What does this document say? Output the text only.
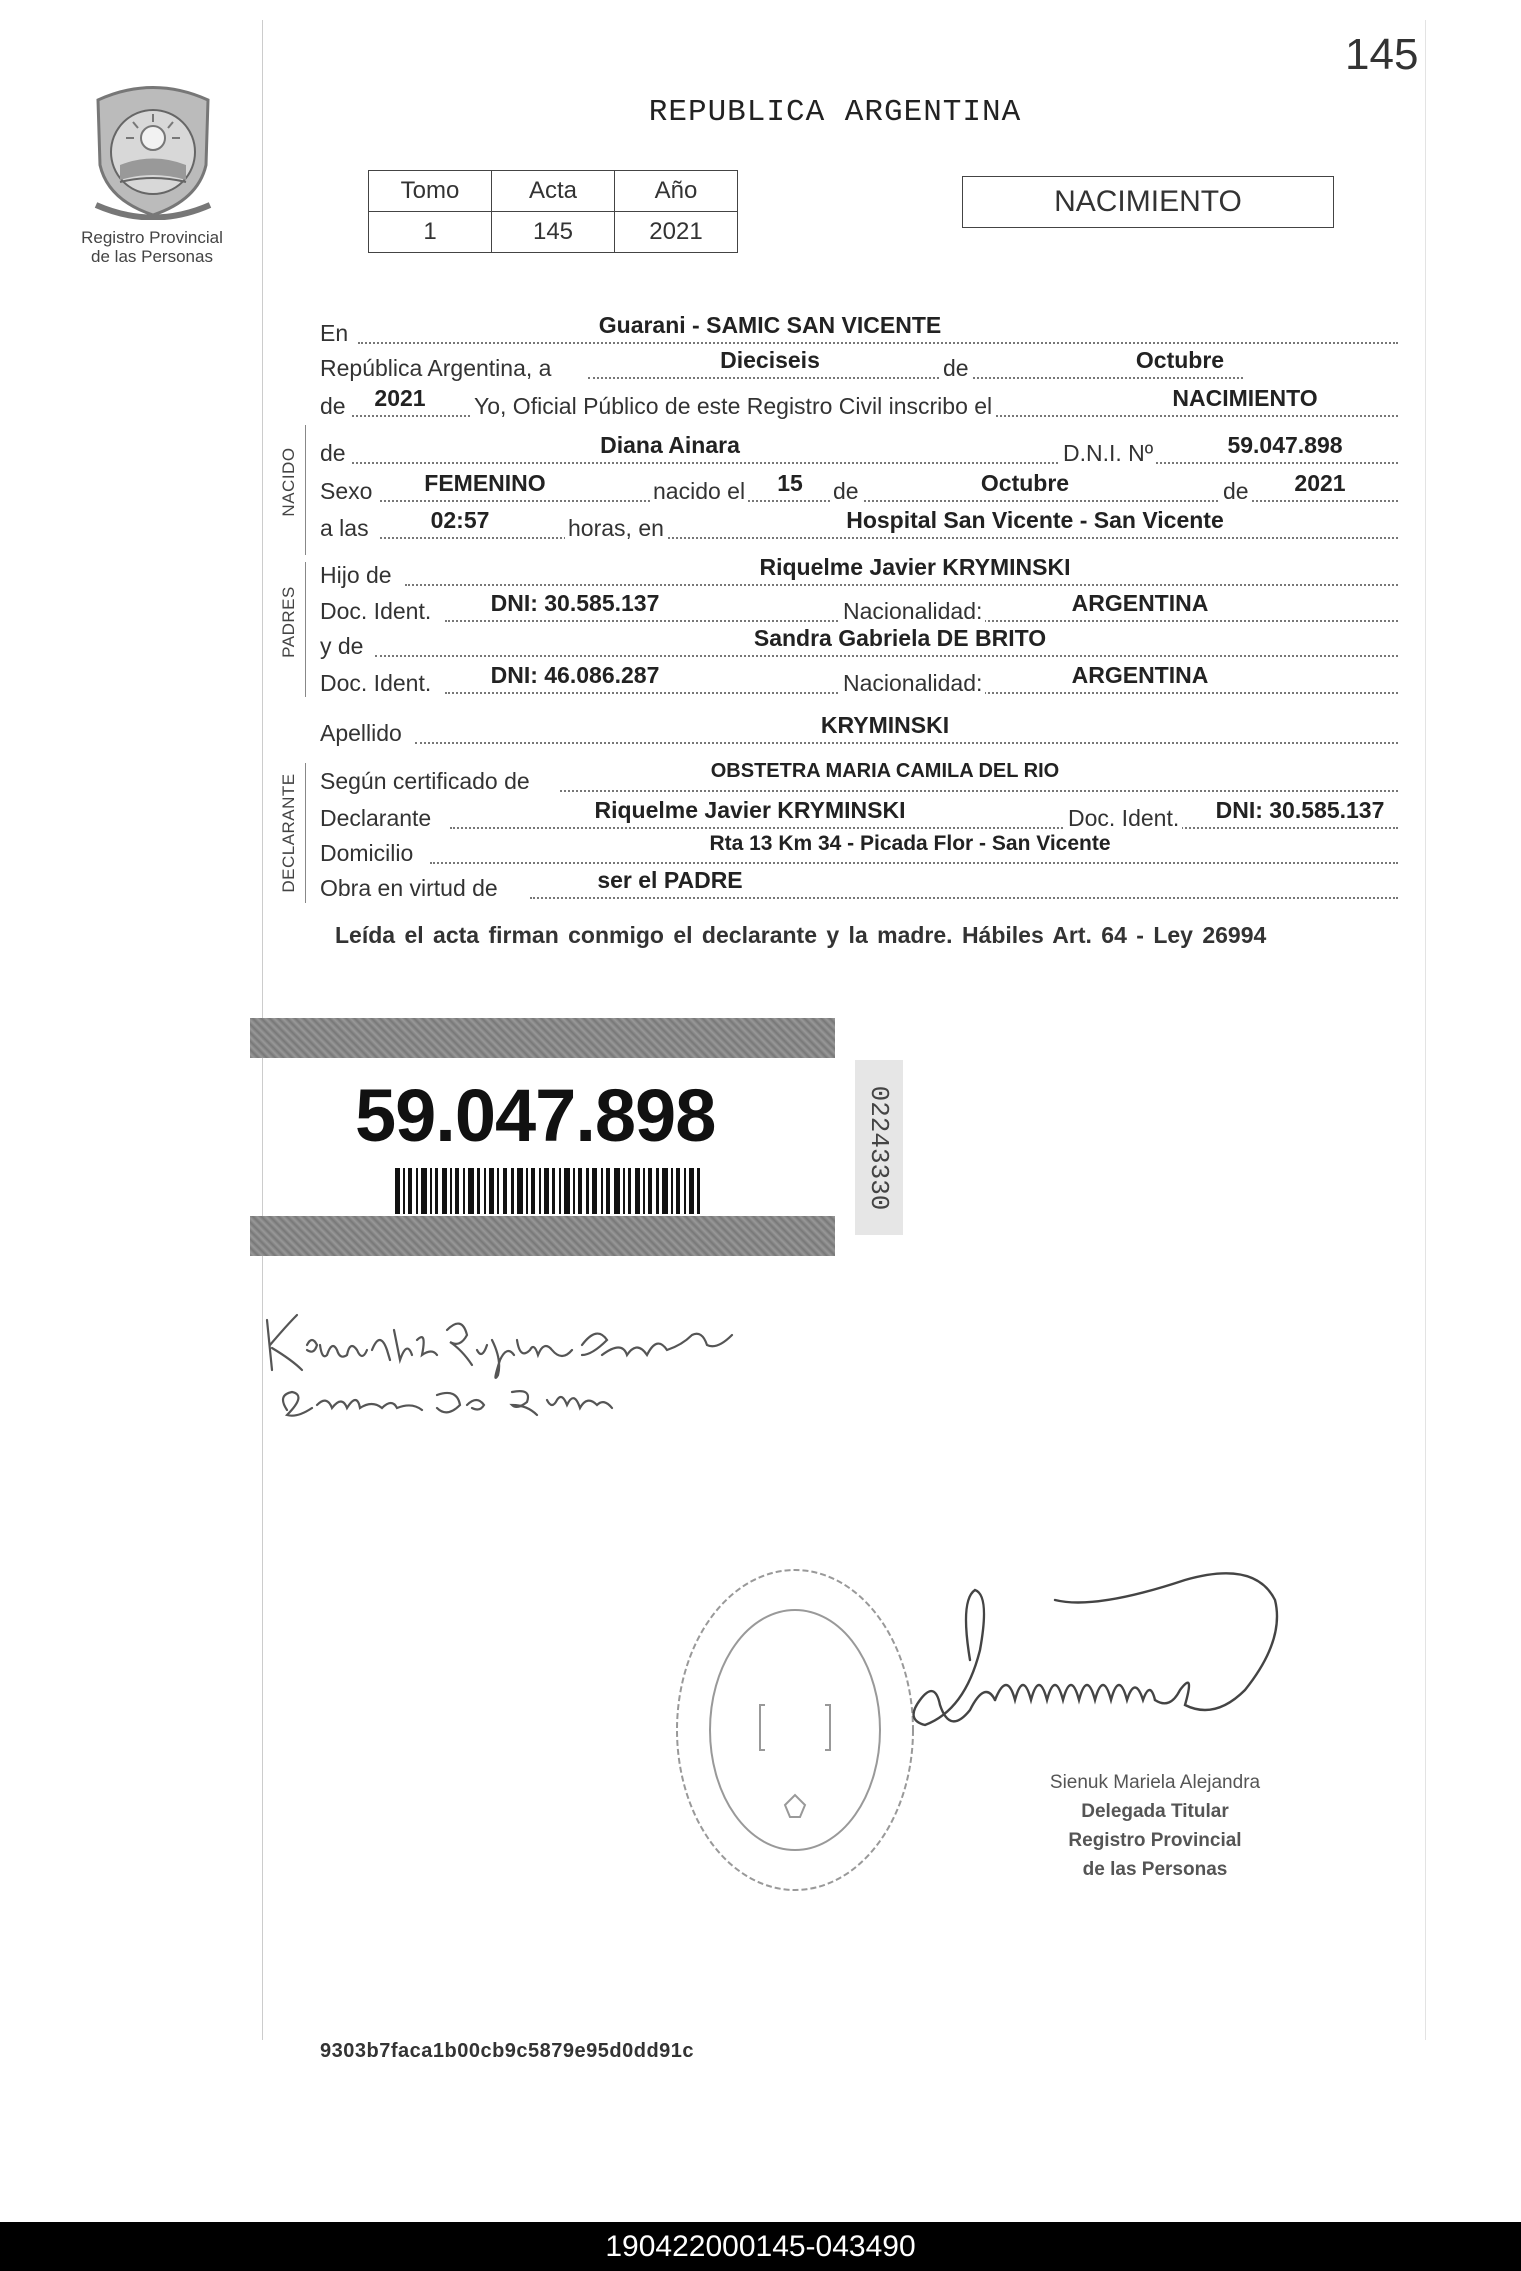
145
Registro Provincial
de las Personas
REPUBLICA ARGENTINA
Tomo	Acta	Año
1	145	2021
NACIMIENTO
NACIDO
PADRES
DECLARANTE
En	Guarani - SAMIC SAN VICENTE
República Argentina, a	Dieciseis	de	Octubre
de	2021	Yo, Oficial Público de este Registro Civil inscribo el	NACIMIENTO
de	Diana Ainara	D.N.I. Nº	59.047.898
Sexo	FEMENINO	nacido el	15	de	Octubre	de	2021
a las	02:57	horas, en	Hospital San Vicente - San Vicente
Hijo de	Riquelme Javier KRYMINSKI
Doc. Ident.	DNI: 30.585.137	Nacionalidad:	ARGENTINA
y de	Sandra Gabriela DE BRITO
Doc. Ident.	DNI: 46.086.287	Nacionalidad:	ARGENTINA
Apellido	KRYMINSKI
Según certificado de	OBSTETRA MARIA CAMILA DEL RIO
Declarante	Riquelme Javier KRYMINSKI	Doc. Ident.	DNI: 30.585.137
Domicilio	Rta 13 Km 34 - Picada Flor - San Vicente
Obra en virtud de	ser el PADRE
Leída el acta firman conmigo el declarante y la madre. Hábiles Art. 64 - Ley 26994
59.047.898	02243330
Sienuk Mariela Alejandra
Delegada Titular
Registro Provincial
de las Personas
9303b7faca1b00cb9c5879e95d0dd91c
190422000145-043490
